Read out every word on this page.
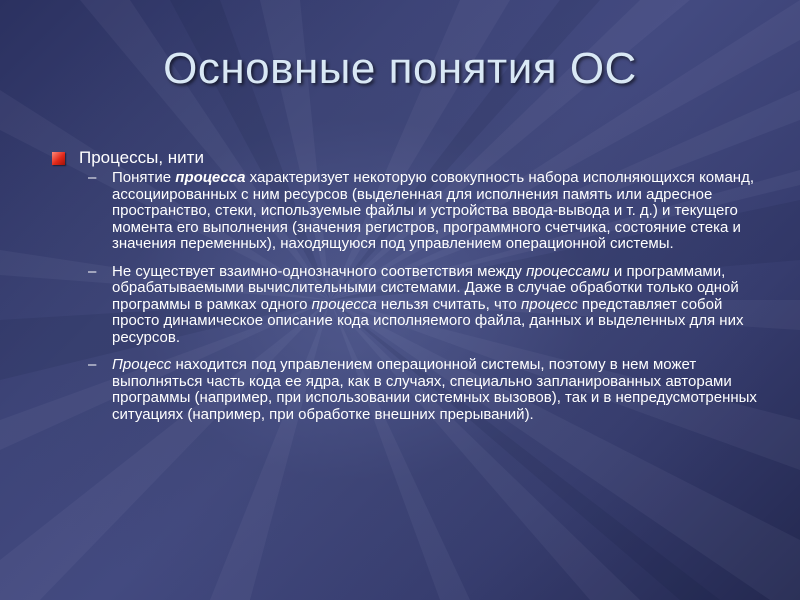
Основные понятия ОС
Процессы, нити
– Понятие процесса характеризует некоторую совокупность набора исполняющихся команд, ассоциированных с ним ресурсов (выделенная для исполнения память или адресное пространство, стеки, используемые файлы и устройства ввода-вывода и т. д.) и текущего момента его выполнения (значения регистров, программного счетчика, состояние стека и значения переменных), находящуюся под управлением операционной системы.
– Не существует взаимно-однозначного соответствия между процессами и программами, обрабатываемыми вычислительными системами. Даже в случае обработки только одной программы в рамках одного процесса нельзя считать, что процесс представляет собой просто динамическое описание кода исполняемого файла, данных и выделенных для них ресурсов.
– Процесс находится под управлением операционной системы, поэтому в нем может выполняться часть кода ее ядра, как в случаях, специально запланированных авторами программы (например, при использовании системных вызовов), так и в непредусмотренных ситуациях (например, при обработке внешних прерываний).
